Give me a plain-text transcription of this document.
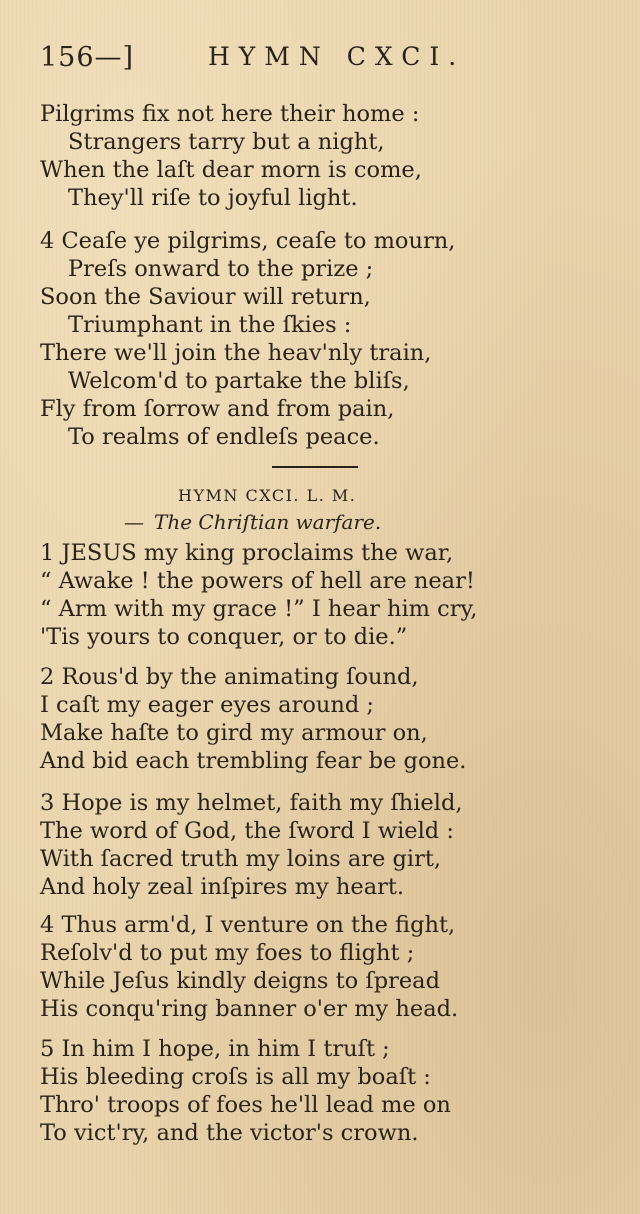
156—]	HYMN CXCI.
Pilgrims fix not here their home :
Strangers tarry but a night,
When the laſt dear morn is come,
They'll riſe to joyful light.
4 Ceaſe ye pilgrims, ceaſe to mourn,
Preſs onward to the prize ;
Soon the Saviour will return,
Triumphant in the ſkies :
There we'll join the heav'nly train,
Welcom'd to partake the bliſs,
Fly from ſorrow and from pain,
To realms of endleſs peace.
HYMN CXCI. L. M.
— The Chriſtian warfare.
1 JESUS my king proclaims the war,
“ Awake ! the powers of hell are near!
“ Arm with my grace !” I hear him cry,
'Tis yours to conquer, or to die.”
2 Rous'd by the animating ſound,
I caſt my eager eyes around ;
Make haſte to gird my armour on,
And bid each trembling fear be gone.
3 Hope is my helmet, faith my ſhield,
The word of God, the ſword I wield :
With ſacred truth my loins are girt,
And holy zeal inſpires my heart.
4 Thus arm'd, I venture on the fight,
Reſolv'd to put my foes to flight ;
While Jeſus kindly deigns to ſpread
His conqu'ring banner o'er my head.
5 In him I hope, in him I truſt ;
His bleeding croſs is all my boaſt :
Thro' troops of foes he'll lead me on
To vict'ry, and the victor's crown.
